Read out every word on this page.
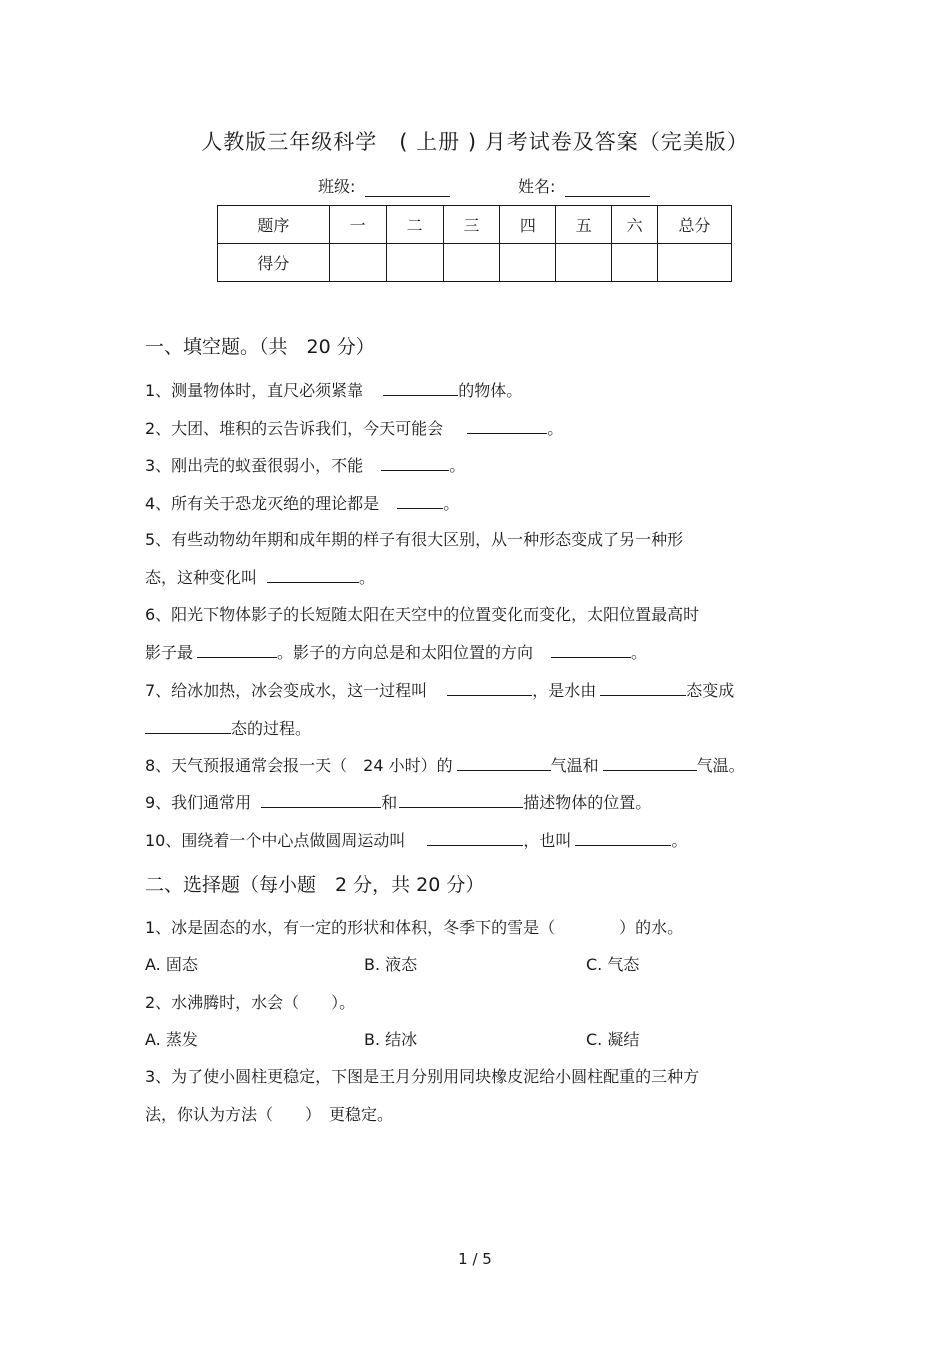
人教版三年级科学　( 上册 ) 月考试卷及答案（完美版）
班级:	姓名:
题序	一	二	三	四	五	六	总分
得分							
一、填空题。（共　20 分）
1、测量物体时，直尺必须紧靠	的物体。
2、大团、堆积的云告诉我们，今天可能会	。
3、刚出壳的蚁蚕很弱小，不能	。
4、所有关于恐龙灭绝的理论都是	。
5、有些动物幼年期和成年期的样子有很大区别，从一种形态变成了另一种形
态，这种变化叫	。
6、阳光下物体影子的长短随太阳在天空中的位置变化而变化，太阳位置最高时
影子最	。影子的方向总是和太阳位置的方向	。
7、给冰加热，冰会变成水，这一过程叫	，是水由	态变成
态的过程。
8、天气预报通常会报一天（　24 小时）的	气温和	气温。
9、我们通常用	和	描述物体的位置。
10、围绕着一个中心点做圆周运动叫	，也叫	。
二、选择题（每小题　2 分，共 20 分）
1、冰是固态的水，有一定的形状和体积，冬季下的雪是（　　　　）的水。
A. 固态	B. 液态	C. 气态
2、水沸腾时，水会（　　）。
A. 蒸发	B. 结冰	C. 凝结
3、为了使小圆柱更稳定，下图是王月分别用同块橡皮泥给小圆柱配重的三种方
法，你认为方法（　　）　更稳定。
1 / 5
